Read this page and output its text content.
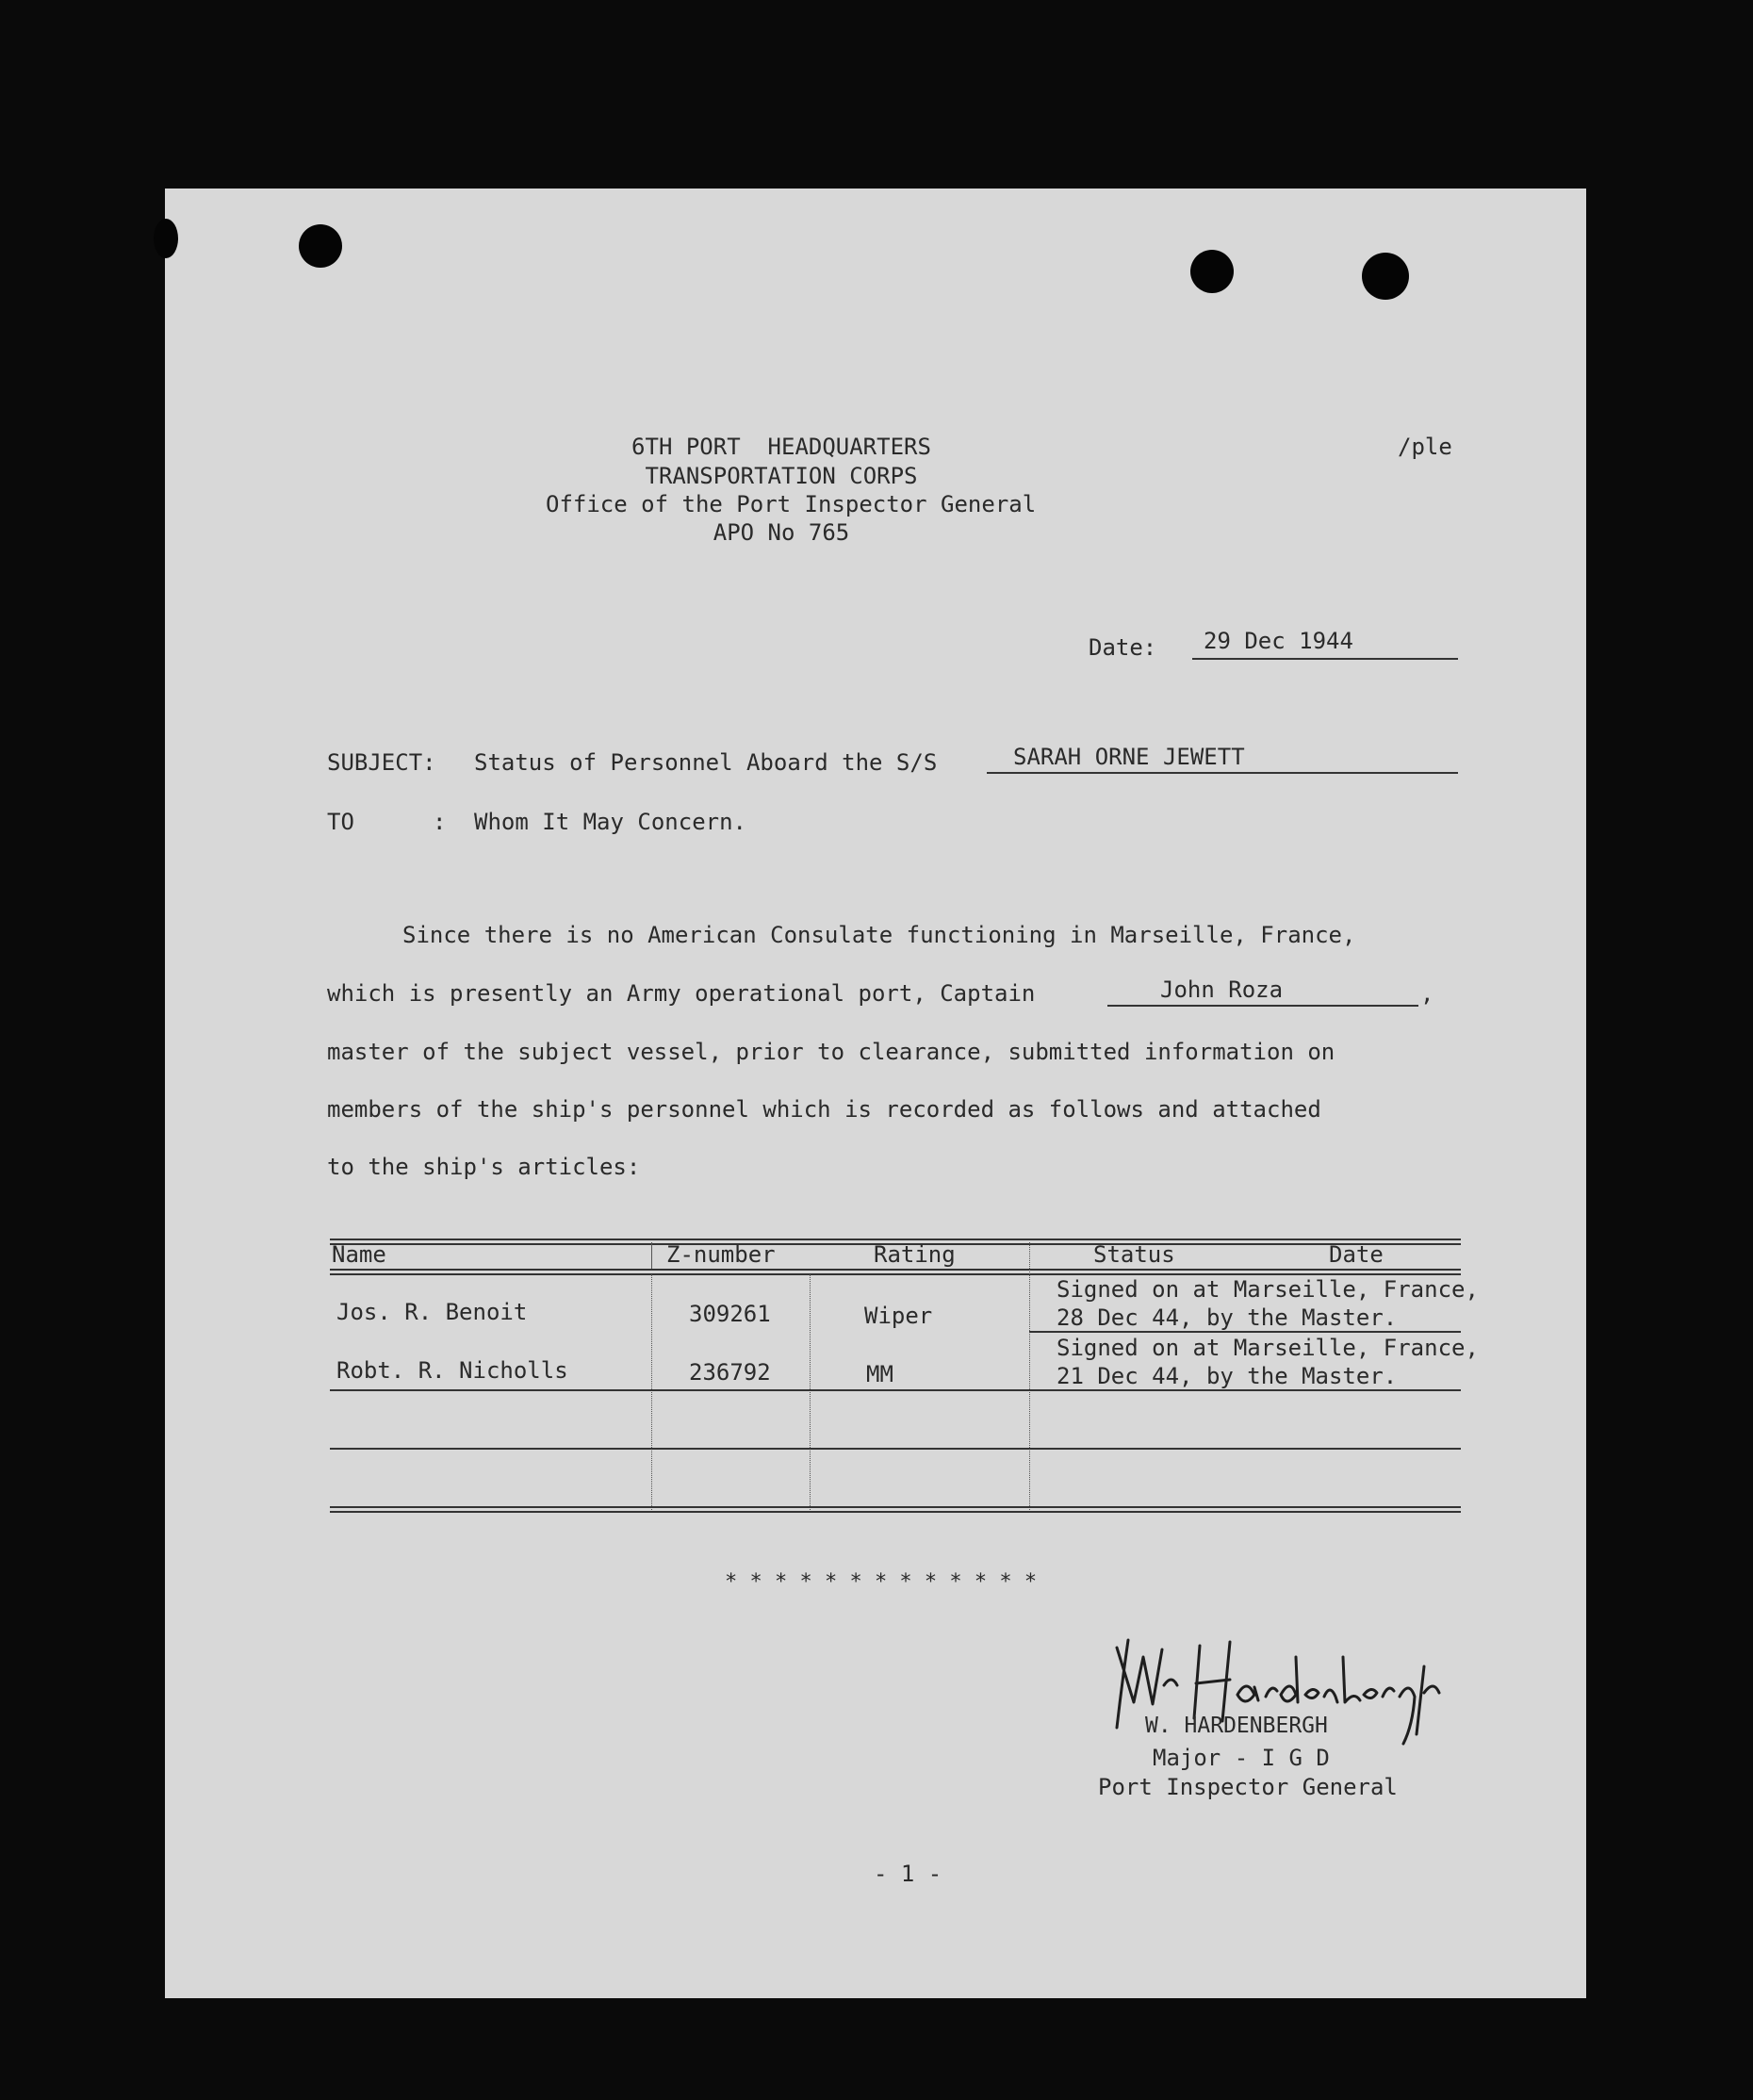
6TH PORT  HEADQUARTERS
TRANSPORTATION CORPS
Office of the Port Inspector General
APO No 765
/ple
Date: 29 Dec 1944
SUBJECT: Status of Personnel Aboard the S/S	SARAH ORNE JEWETT
TO	: Whom It May Concern.
Since there is no American Consulate functioning in Marseille, France,
which is presently an Army operational port, Captain	John Roza	,
master of the subject vessel, prior to clearance, submitted information on
members of the ship's personnel which is recorded as follows and attached
to the ship's articles:
Name	Z-number	Rating	Status	Date
Jos. R. Benoit	309261	Wiper
Signed on at Marseille, France,
28 Dec 44, by the Master.
Robt. R. Nicholls	236792	MM
Signed on at Marseille, France,
21 Dec 44, by the Master.
* * * * * * * * * * * * *
W. HARDENBERGH
Major - I G D
Port Inspector General
- 1 -
